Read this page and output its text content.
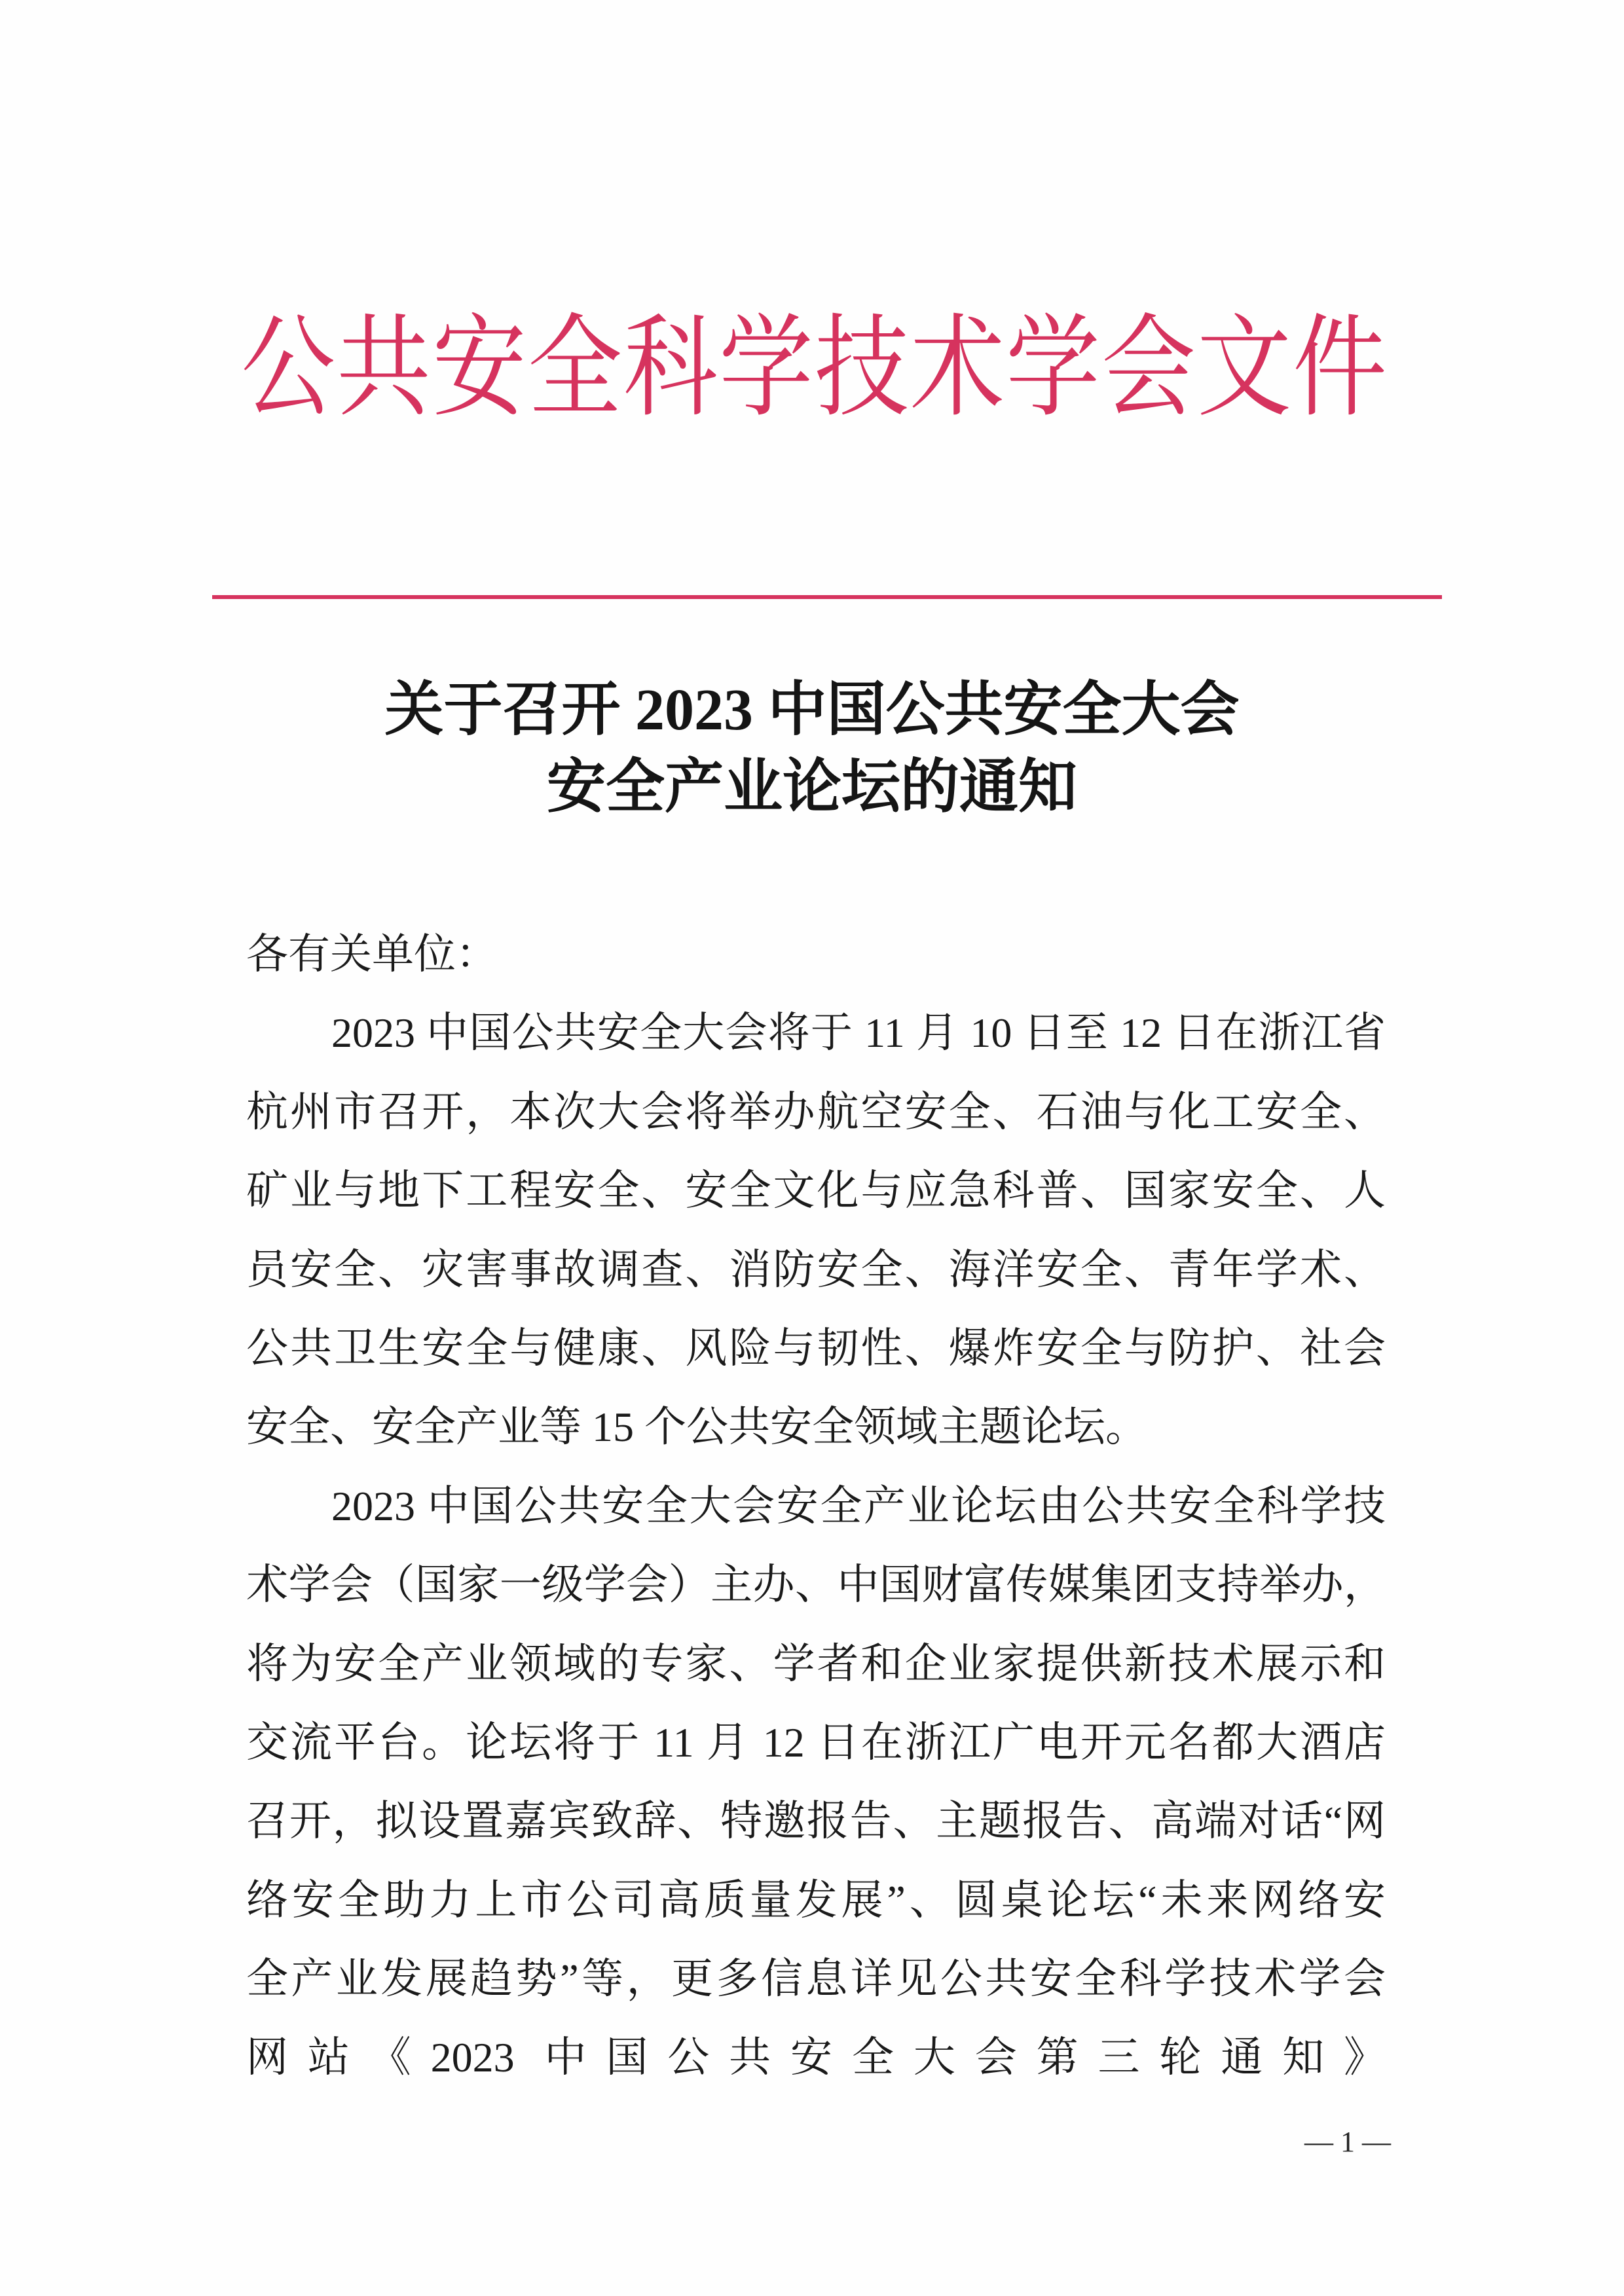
公共安全科学技术学会文件
关于召开 2023 中国公共安全大会
安全产业论坛的通知
各有关单位：
2023 中国公共安全大会将于 11 月 10 日至 12 日在浙江省
杭州市召开，本次大会将举办航空安全、石油与化工安全、
矿业与地下工程安全、安全文化与应急科普、国家安全、人
员安全、灾害事故调查、消防安全、海洋安全、青年学术、
公共卫生安全与健康、风险与韧性、爆炸安全与防护、社会
安全、安全产业等 15 个公共安全领域主题论坛。
2023 中国公共安全大会安全产业论坛由公共安全科学技
术学会（国家一级学会）主办、中国财富传媒集团支持举办，
将为安全产业领域的专家、学者和企业家提供新技术展示和
交流平台。论坛将于 11 月 12 日在浙江广电开元名都大酒店
召开，拟设置嘉宾致辞、特邀报告、主题报告、高端对话“网
络安全助力上市公司高质量发展”、圆桌论坛“未来网络安
全产业发展趋势”等，更多信息详见公共安全科学技术学会
网站《2023 中国公共安全大会第三轮通知》
— 1 —
